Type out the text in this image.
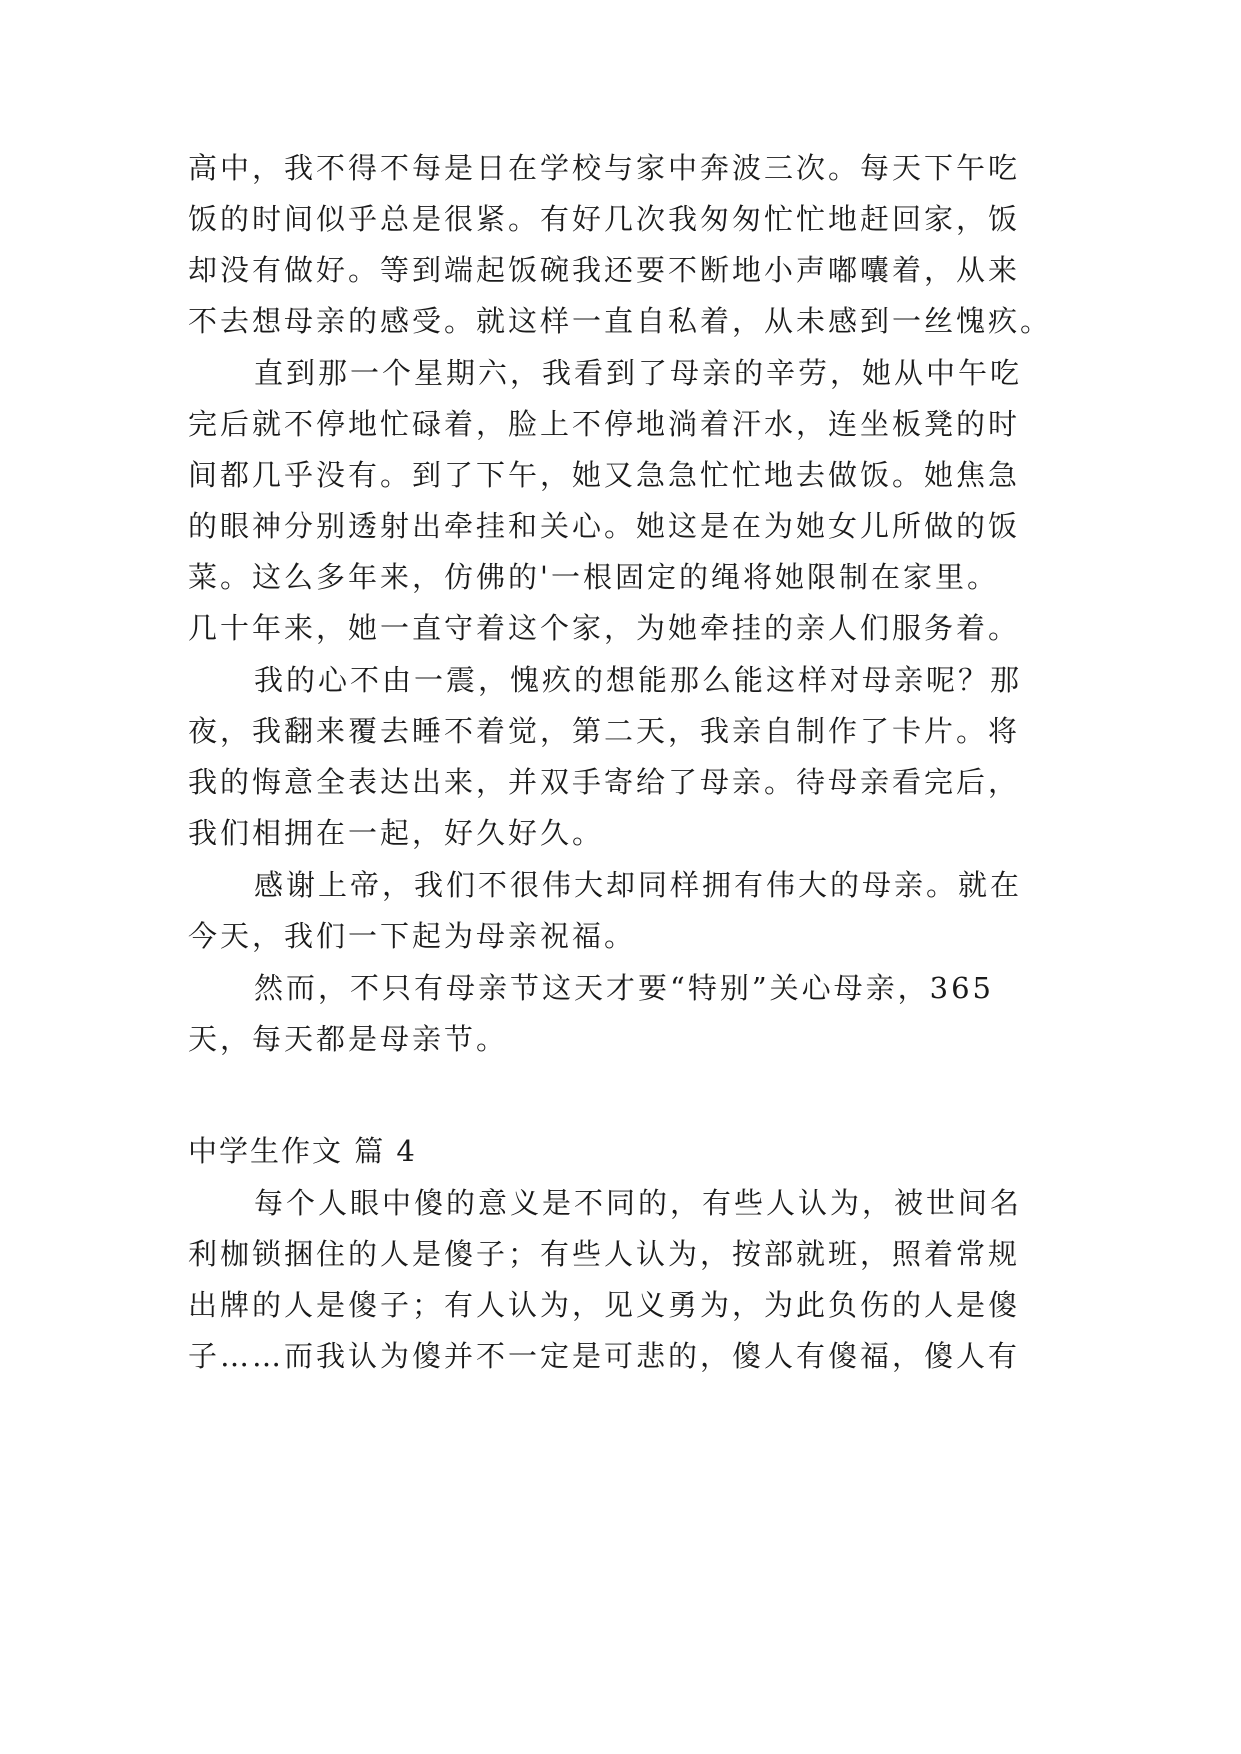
高中，我不得不每是日在学校与家中奔波三次。每天下午吃
饭的时间似乎总是很紧。有好几次我匆匆忙忙地赶回家，饭
却没有做好。等到端起饭碗我还要不断地小声嘟囔着，从来
不去想母亲的感受。就这样一直自私着，从未感到一丝愧疚。
直到那一个星期六，我看到了母亲的辛劳，她从中午吃
完后就不停地忙碌着，脸上不停地淌着汗水，连坐板凳的时
间都几乎没有。到了下午，她又急急忙忙地去做饭。她焦急
的眼神分别透射出牵挂和关心。她这是在为她女儿所做的饭
菜。这么多年来，仿佛的'一根固定的绳将她限制在家里。
几十年来，她一直守着这个家，为她牵挂的亲人们服务着。
我的心不由一震，愧疚的想能那么能这样对母亲呢？那
夜，我翻来覆去睡不着觉，第二天，我亲自制作了卡片。将
我的悔意全表达出来，并双手寄给了母亲。待母亲看完后，
我们相拥在一起，好久好久。
感谢上帝，我们不很伟大却同样拥有伟大的母亲。就在
今天，我们一下起为母亲祝福。
然而，不只有母亲节这天才要“特别”关心母亲，365
天，每天都是母亲节。
中学生作文 篇 4
每个人眼中傻的意义是不同的，有些人认为，被世间名
利枷锁捆住的人是傻子；有些人认为，按部就班，照着常规
出牌的人是傻子；有人认为，见义勇为，为此负伤的人是傻
子……而我认为傻并不一定是可悲的，傻人有傻福，傻人有
